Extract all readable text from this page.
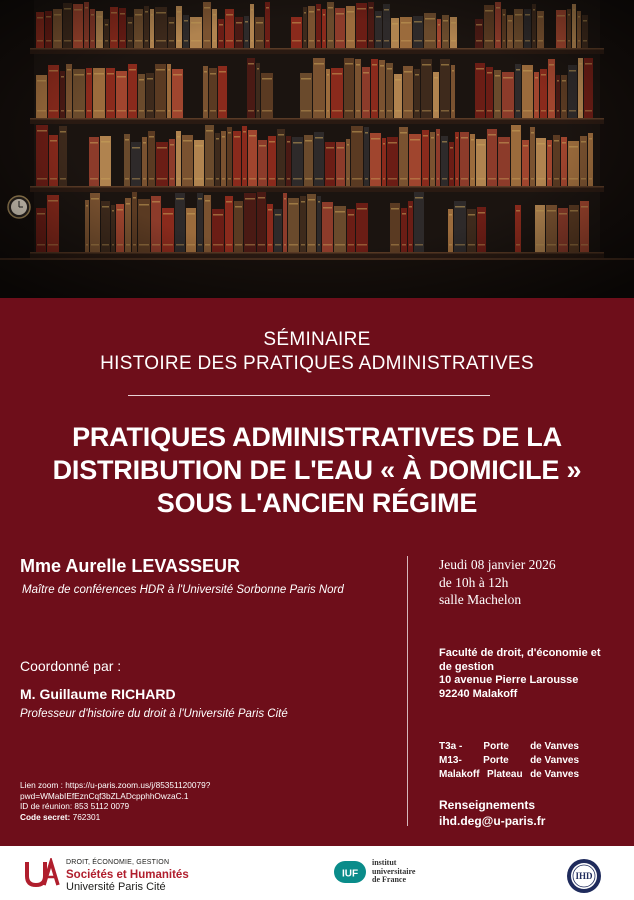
SÉMINAIRE
HISTOIRE DES PRATIQUES ADMINISTRATIVES
PRATIQUES ADMINISTRATIVES DE LA
DISTRIBUTION DE L'EAU « À DOMICILE »
SOUS L'ANCIEN RÉGIME
Mme Aurelle LEVASSEUR
Maître de conférences HDR à l'Université Sorbonne Paris Nord
Coordonné par :
M. Guillaume RICHARD
Professeur d'histoire du droit à l'Université Paris Cité
Lien zoom : https://u-paris.zoom.us/j/85351120079?
pwd=WMabIEfEznCqf3bZLADcpphhOwzaC.1
ID de réunion: 853 5112 0079
Code secret: 762301
Jeudi 08 janvier 2026
de 10h à 12h
salle Machelon
Faculté de droit, d'économie et
de gestion
10 avenue Pierre Larousse
92240 Malakoff
T3a - Porte de Vanves
M13- Porte de Vanves
Malakoff Plateau de Vanves
Renseignements
ihd.deg@u-paris.fr
DROIT, ÉCONOMIE, GESTION
Sociétés et Humanités
Université Paris Cité
IUF
institut
universitaire
de France	IHD
